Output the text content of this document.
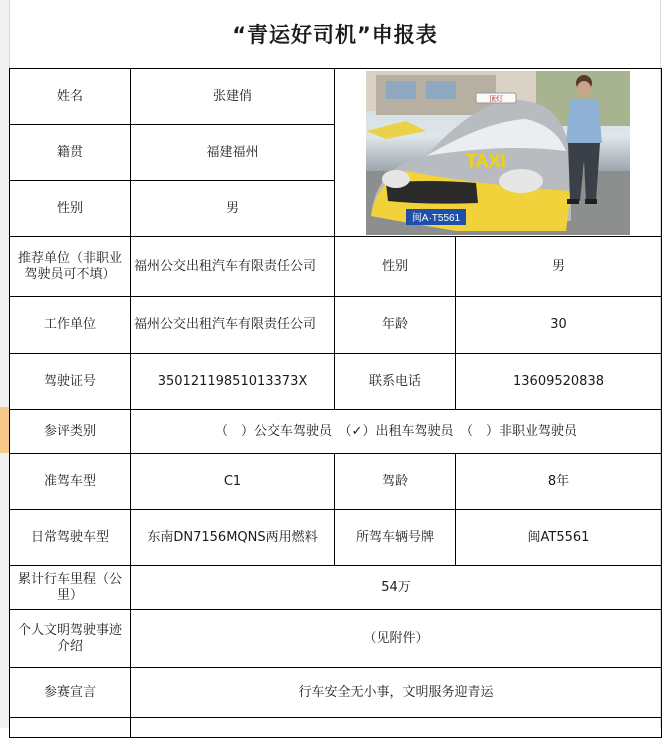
“青运好司机”申报表
姓名	张建俏	顶灯
TAXI
闽A·T5561	

籍贯	福建福州		
性别	男		
推荐单位（非职业驾驶员可不填）	福州公交出租汽车有限责任公司	性别	男
工作单位	福州公交出租汽车有限责任公司	年龄	30
驾驶证号	35012119851013373X	联系电话	13609520838
参评类别	（　）公交车驾驶员　（✓）出租车驾驶员　（　）非职业驾驶员		
准驾车型	C1	驾龄	8年
日常驾驶车型	东南DN7156MQNS两用燃料	所驾车辆号牌	闽AT5561
累计行车里程（公里）	54万		
个人文明驾驶事迹介绍	（见附件）		
参赛宣言	行车安全无小事，文明服务迎青运		
